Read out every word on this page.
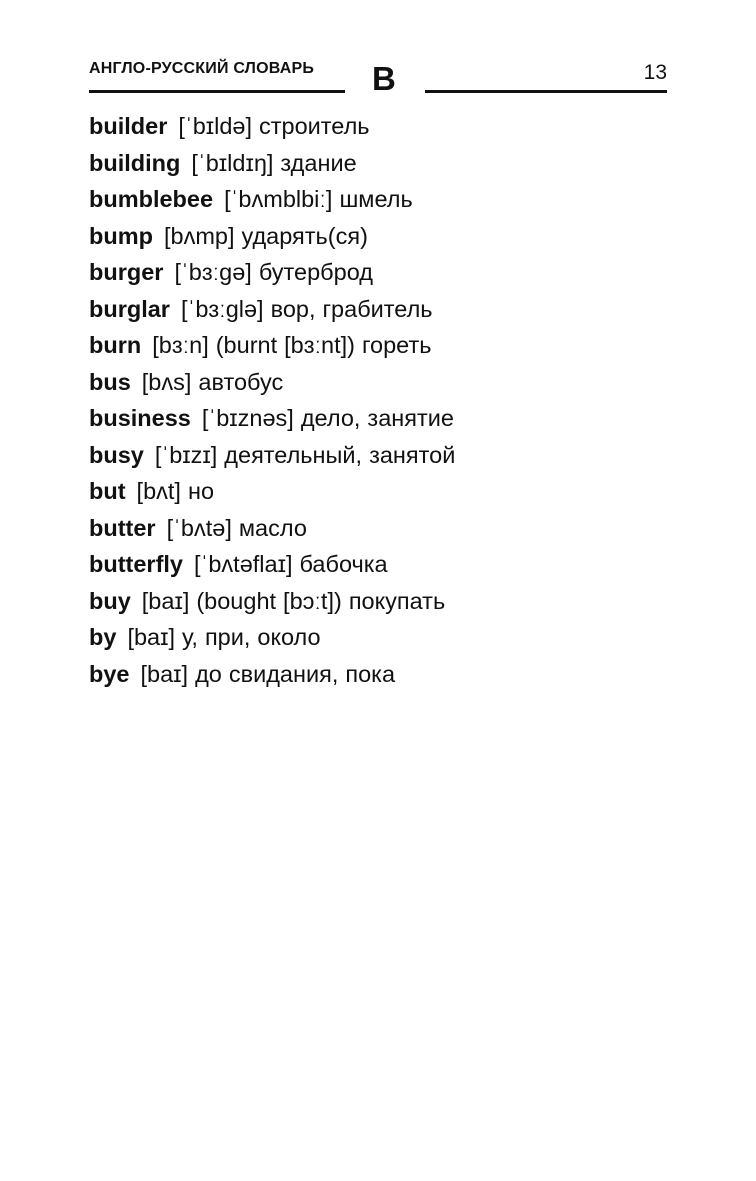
АНГЛО-РУССКИЙ СЛОВАРЬ B	13
builder [ˈbɪldə] строитель
building [ˈbɪldɪŋ] здание
bumblebee [ˈbʌmblbiː] шмель
bump [bʌmp] ударять(ся)
burger [ˈbɜːgə] бутерброд
burglar [ˈbɜːglə] вор, грабитель
burn [bɜːn] (burnt [bɜːnt]) гореть
bus [bʌs] автобус
business [ˈbɪznəs] дело, занятие
busy [ˈbɪzɪ] деятельный, занятой
but [bʌt] но
butter [ˈbʌtə] масло
butterfly [ˈbʌtəflaɪ] бабочка
buy [baɪ] (bought [bɔːt]) покупать
by [baɪ] у, при, около
bye [baɪ] до свидания, пока
